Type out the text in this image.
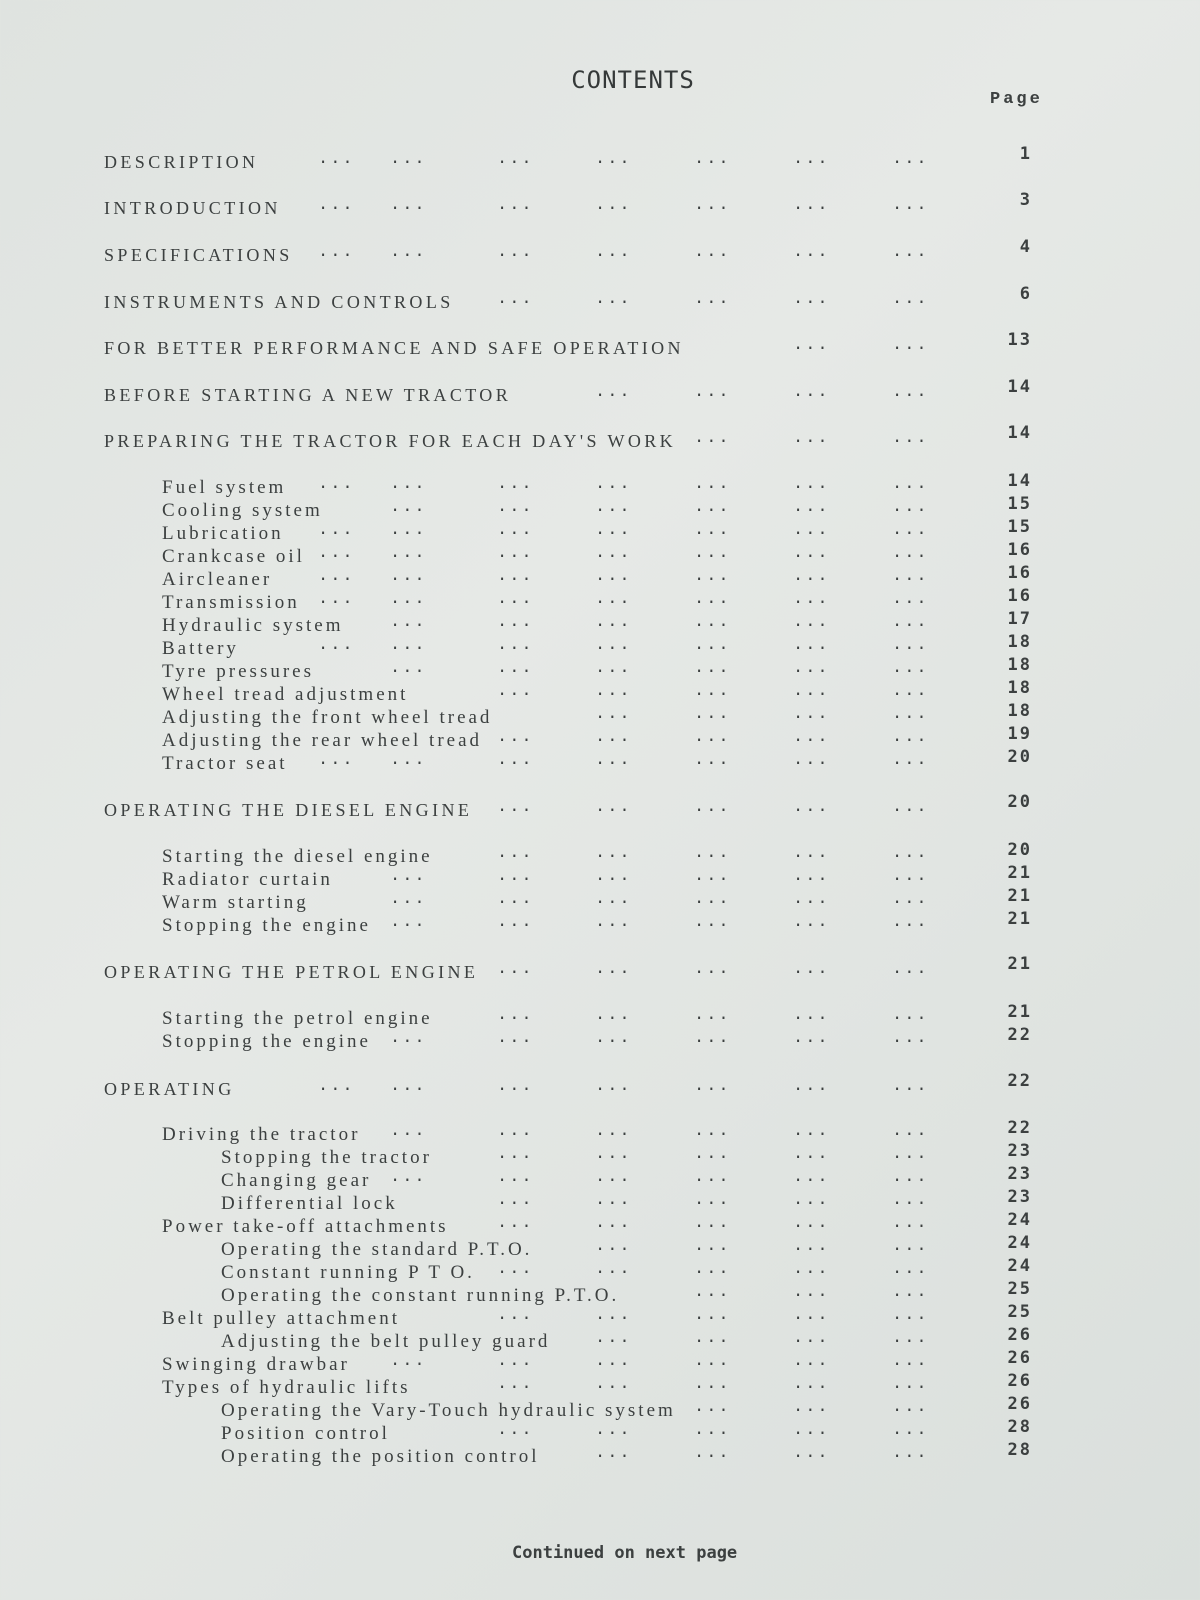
CONTENTS
Page
DESCRIPTION	... ...	...	...	...	...	...	1
INTRODUCTION ... ...	...	...	...	...	...	3
SPECIFICATIONS ... ...	...	...	...	...	...	4
INSTRUMENTS AND CONTROLS	...	...	...	...	...	6
FOR BETTER PERFORMANCE AND SAFE OPERATION	...	...	13
BEFORE STARTING A NEW TRACTOR	...	...	...	...	14
PREPARING THE TRACTOR FOR EACH DAY'S WORK ...	...	...	14
Fuel system ... ...	...	...	...	...	...	14
Cooling system	...	...	...	...	...	...	15
Lubrication ... ...	...	...	...	...	...	15
Crankcase oil ... ...	...	...	...	...	...	16
Aircleaner	... ...	...	...	...	...	...	16
Transmission ... ...	...	...	...	...	...	16
Hydraulic system	...	...	...	...	...	...	17
Battery	... ...	...	...	...	...	...	18
Tyre pressures	...	...	...	...	...	...	18
Wheel tread adjustment	...	...	...	...	...	18
Adjusting the front wheel tread	...	...	...	...	18
Adjusting the rear wheel tread ...	...	...	...	...	19
Tractor seat ... ...	...	...	...	...	...	20
OPERATING THE DIESEL ENGINE ...	...	...	...	...	20
Starting the diesel engine	...	...	...	...	...	20
Radiator curtain	...	...	...	...	...	...	21
Warm starting	...	...	...	...	...	...	21
Stopping the engine ...	...	...	...	...	...	21
OPERATING THE PETROL ENGINE ...	...	...	...	...	21
Starting the petrol engine	...	...	...	...	...	21
Stopping the engine ...	...	...	...	...	...	22
OPERATING	... ...	...	...	...	...	...	22
Driving the tractor ...	...	...	...	...	...	22
Stopping the tractor	...	...	...	...	...	23
Changing gear ...	...	...	...	...	...	23
Differential lock	...	...	...	...	...	23
Power take-off attachments	...	...	...	...	...	24
Operating the standard P.T.O.	...	...	...	...	24
Constant running P T O. ...	...	...	...	...	24
Operating the constant running P.T.O.	...	...	...	25
Belt pulley attachment	...	...	...	...	...	25
Adjusting the belt pulley guard	...	...	...	...	26
Swinging drawbar ...	...	...	...	...	...	26
Types of hydraulic lifts	...	...	...	...	...	26
Operating the Vary-Touch hydraulic system ...	...	...	26
Position control	...	...	...	...	...	28
Operating the position control	...	...	...	...	28
Continued on next page
